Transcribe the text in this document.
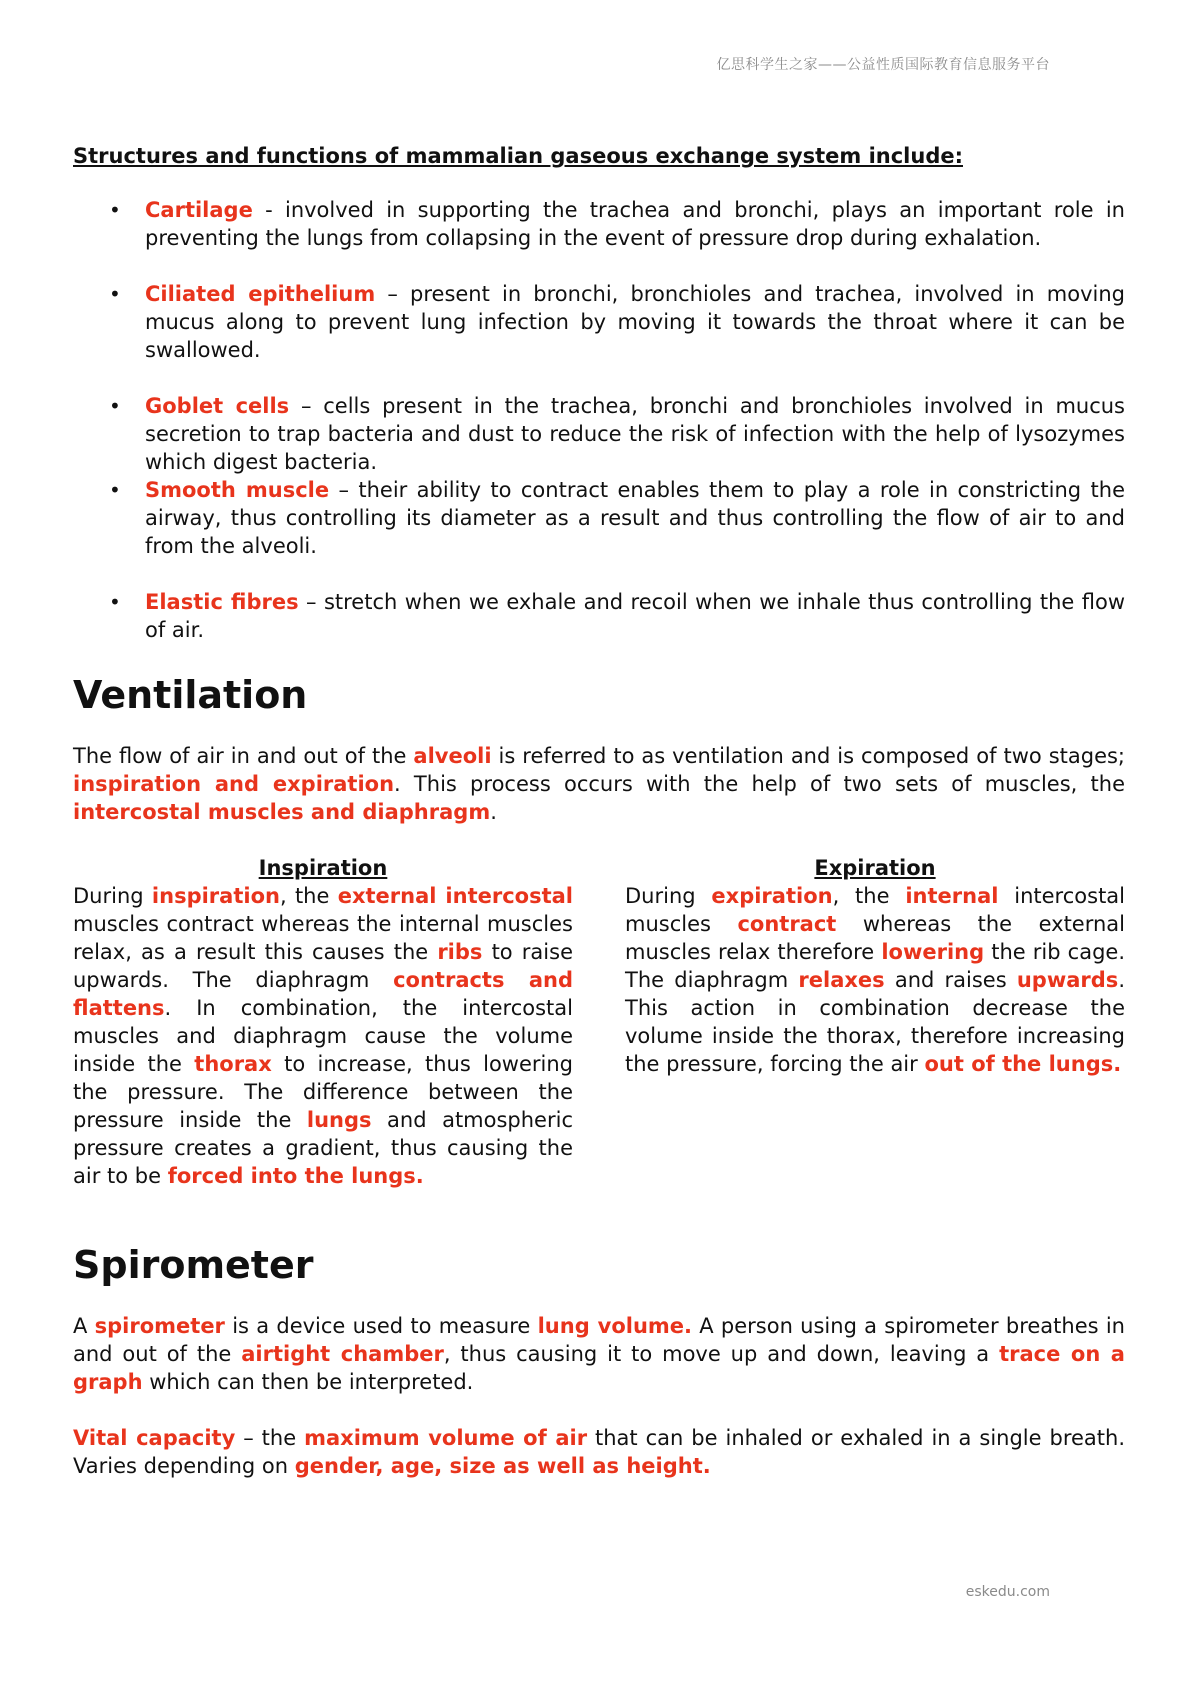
亿思科学生之家——公益性质国际教育信息服务平台

Structures and functions of mammalian gaseous exchange system include:

• Cartilage - involved in supporting the trachea and bronchi, plays an important role in preventing the lungs from collapsing in the event of pressure drop during exhalation.
• Ciliated epithelium – present in bronchi, bronchioles and trachea, involved in moving mucus along to prevent lung infection by moving it towards the throat where it can be swallowed.
• Goblet cells – cells present in the trachea, bronchi and bronchioles involved in mucus secretion to trap bacteria and dust to reduce the risk of infection with the help of lysozymes which digest bacteria.
• Smooth muscle – their ability to contract enables them to play a role in constricting the airway, thus controlling its diameter as a result and thus controlling the flow of air to and from the alveoli.
• Elastic fibres – stretch when we exhale and recoil when we inhale thus controlling the flow of air.
Ventilation

The flow of air in and out of the alveoli is referred to as ventilation and is composed of two stages; inspiration and expiration. This process occurs with the help of two sets of muscles, the intercostal muscles and diaphragm.

Inspiration

During inspiration, the external intercostal muscles contract whereas the internal muscles relax, as a result this causes the ribs to raise upwards. The diaphragm contracts and flattens. In combination, the intercostal muscles and diaphragm cause the volume inside the thorax to increase, thus lowering the pressure. The difference between the pressure inside the lungs and atmospheric pressure creates a gradient, thus causing the air to be forced into the lungs.

Expiration

During expiration, the internal intercostal muscles contract whereas the external muscles relax therefore lowering the rib cage. The diaphragm relaxes and raises upwards. This action in combination decrease the volume inside the thorax, therefore increasing the pressure, forcing the air out of the lungs.

Spirometer

A spirometer is a device used to measure lung volume. A person using a spirometer breathes in and out of the airtight chamber, thus causing it to move up and down, leaving a trace on a graph which can then be interpreted.

Vital capacity – the maximum volume of air that can be inhaled or exhaled in a single breath. Varies depending on gender, age, size as well as height.

eskedu.com
